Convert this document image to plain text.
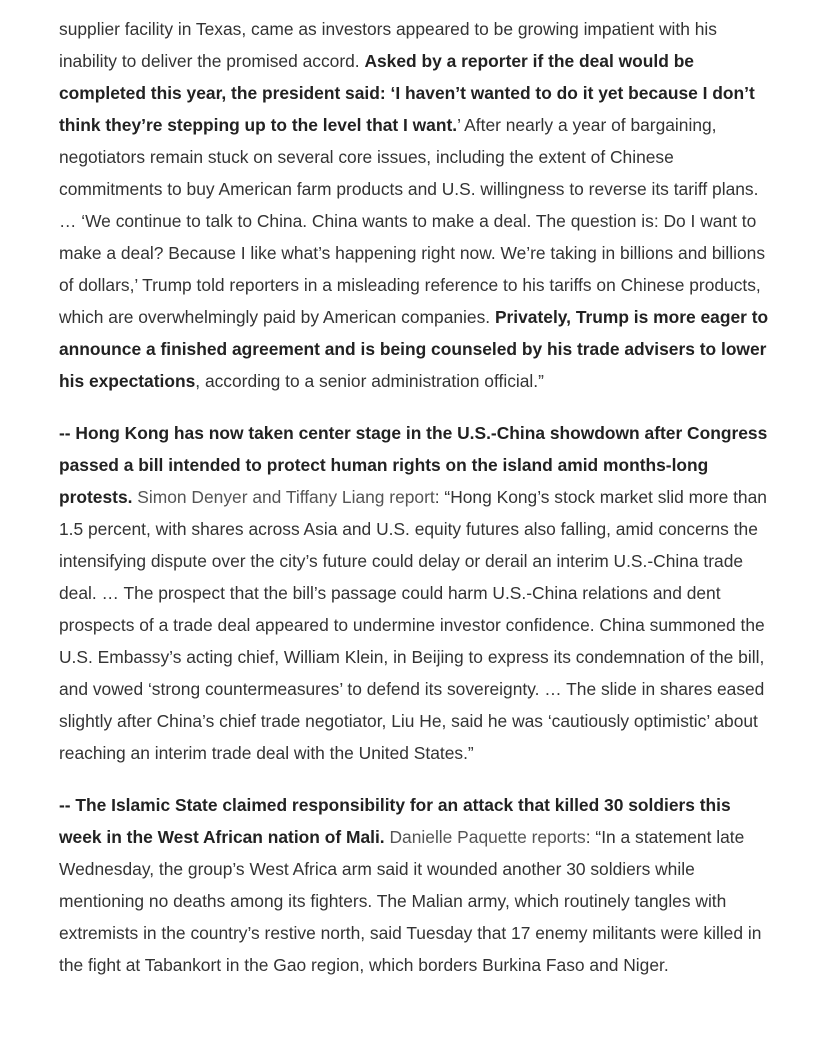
supplier facility in Texas, came as investors appeared to be growing impatient with his inability to deliver the promised accord. Asked by a reporter if the deal would be completed this year, the president said: ‘I haven’t wanted to do it yet because I don’t think they’re stepping up to the level that I want.’ After nearly a year of bargaining, negotiators remain stuck on several core issues, including the extent of Chinese commitments to buy American farm products and U.S. willingness to reverse its tariff plans. … ‘We continue to talk to China. China wants to make a deal. The question is: Do I want to make a deal? Because I like what’s happening right now. We’re taking in billions and billions of dollars,’ Trump told reporters in a misleading reference to his tariffs on Chinese products, which are overwhelmingly paid by American companies. Privately, Trump is more eager to announce a finished agreement and is being counseled by his trade advisers to lower his expectations, according to a senior administration official.”

-- Hong Kong has now taken center stage in the U.S.-China showdown after Congress passed a bill intended to protect human rights on the island amid months-long protests. Simon Denyer and Tiffany Liang report: “Hong Kong’s stock market slid more than 1.5 percent, with shares across Asia and U.S. equity futures also falling, amid concerns the intensifying dispute over the city’s future could delay or derail an interim U.S.-China trade deal. … The prospect that the bill’s passage could harm U.S.-China relations and dent prospects of a trade deal appeared to undermine investor confidence. China summoned the U.S. Embassy’s acting chief, William Klein, in Beijing to express its condemnation of the bill, and vowed ‘strong countermeasures’ to defend its sovereignty. … The slide in shares eased slightly after China’s chief trade negotiator, Liu He, said he was ‘cautiously optimistic’ about reaching an interim trade deal with the United States.”

-- The Islamic State claimed responsibility for an attack that killed 30 soldiers this week in the West African nation of Mali. Danielle Paquette reports: “In a statement late Wednesday, the group’s West Africa arm said it wounded another 30 soldiers while mentioning no deaths among its fighters. The Malian army, which routinely tangles with extremists in the country’s restive north, said Tuesday that 17 enemy militants were killed in the fight at Tabankort in the Gao region, which borders Burkina Faso and Niger.
